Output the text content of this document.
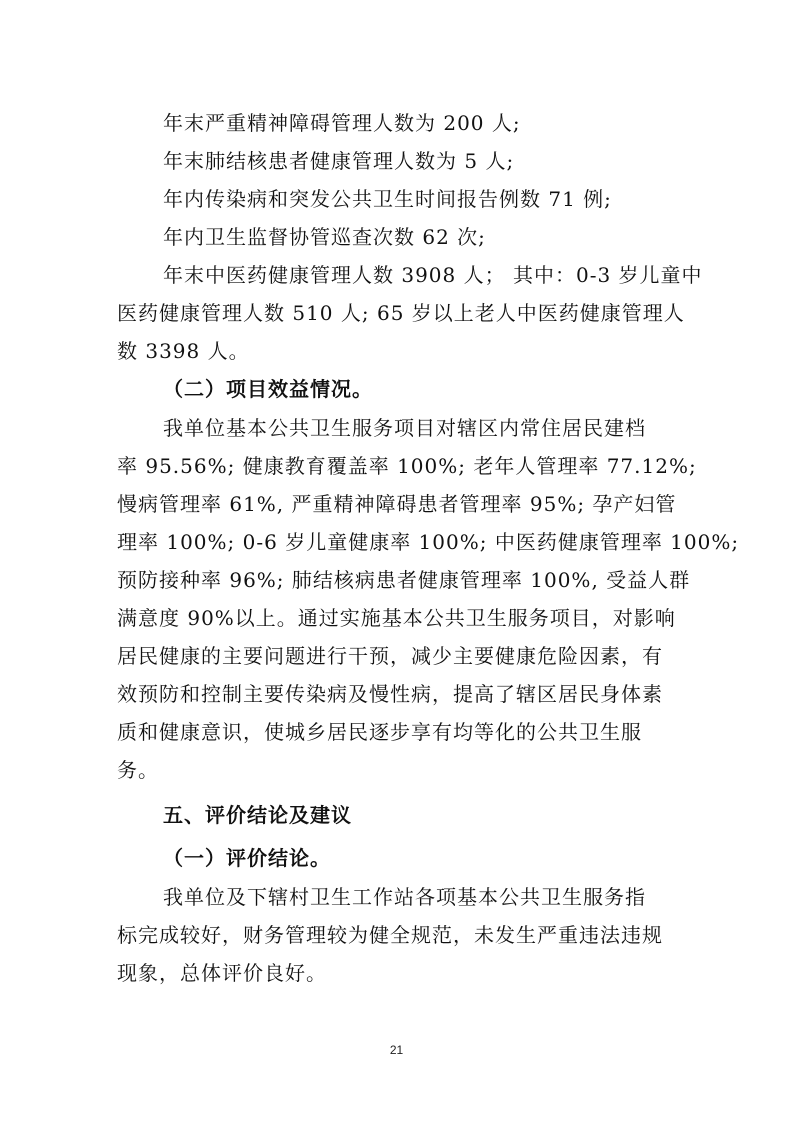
年末严重精神障碍管理人数为 200 人;

年末肺结核患者健康管理人数为 5 人;

年内传染病和突发公共卫生时间报告例数 71 例;

年内卫生监督协管巡查次数 62 次;

年末中医药健康管理人数 3908 人； 其中：0-3 岁儿童中

医药健康管理人数 510 人; 65 岁以上老人中医药健康管理人

数 3398 人。

（二）项目效益情况。

我单位基本公共卫生服务项目对辖区内常住居民建档

率 95.56%; 健康教育覆盖率 100%; 老年人管理率 77.12%;

慢病管理率 61%, 严重精神障碍患者管理率 95%; 孕产妇管

理率 100%; 0-6 岁儿童健康率 100%; 中医药健康管理率 100%;

预防接种率 96%; 肺结核病患者健康管理率 100%, 受益人群

满意度 90%以上。通过实施基本公共卫生服务项目，对影响

居民健康的主要问题进行干预，减少主要健康危险因素，有

效预防和控制主要传染病及慢性病，提高了辖区居民身体素

质和健康意识，使城乡居民逐步享有均等化的公共卫生服

务。

五、评价结论及建议

（一）评价结论。

我单位及下辖村卫生工作站各项基本公共卫生服务指

标完成较好，财务管理较为健全规范，未发生严重违法违规

现象，总体评价良好。

21
